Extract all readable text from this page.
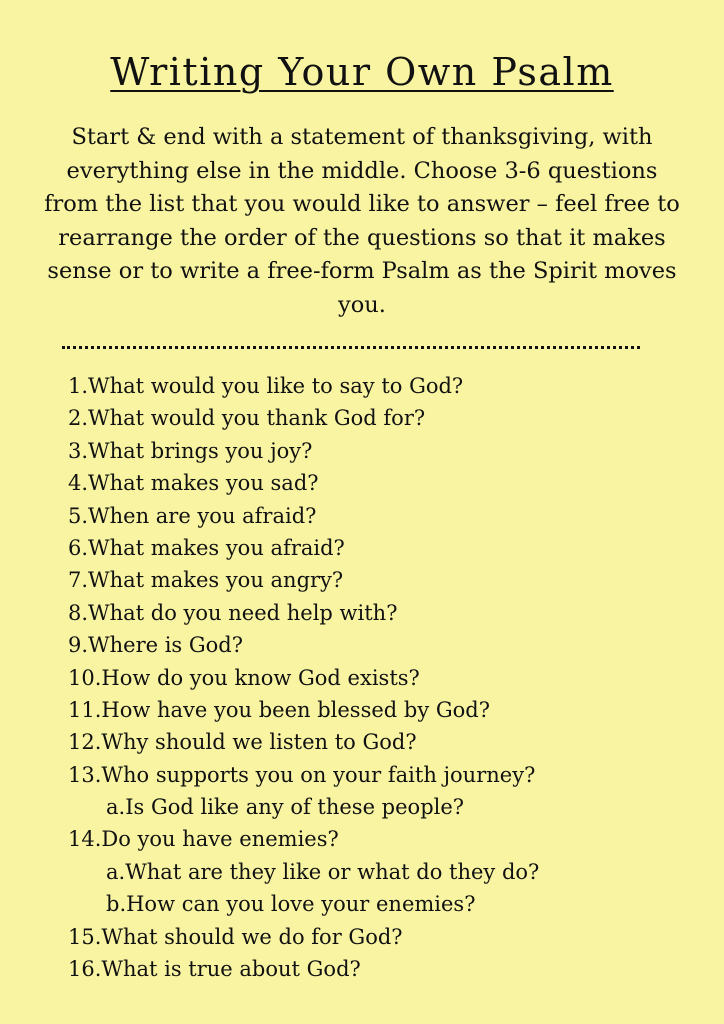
Writing Your Own Psalm

Start & end with a statement of thanksgiving, with everything else in the middle. Choose 3-6 questions from the list that you would like to answer – feel free to rearrange the order of the questions so that it makes sense or to write a free-form Psalm as the Spirit moves you.

1.What would you like to say to God?
2.What would you thank God for?
3.What brings you joy?
4.What makes you sad?
5.When are you afraid?
6.What makes you afraid?
7.What makes you angry?
8.What do you need help with?
9.Where is God?
10.How do you know God exists?
11.How have you been blessed by God?
12.Why should we listen to God?
13.Who supports you on your faith journey?
a.Is God like any of these people?
14.Do you have enemies?
a.What are they like or what do they do?
b.How can you love your enemies?
15.What should we do for God?
16.What is true about God?
